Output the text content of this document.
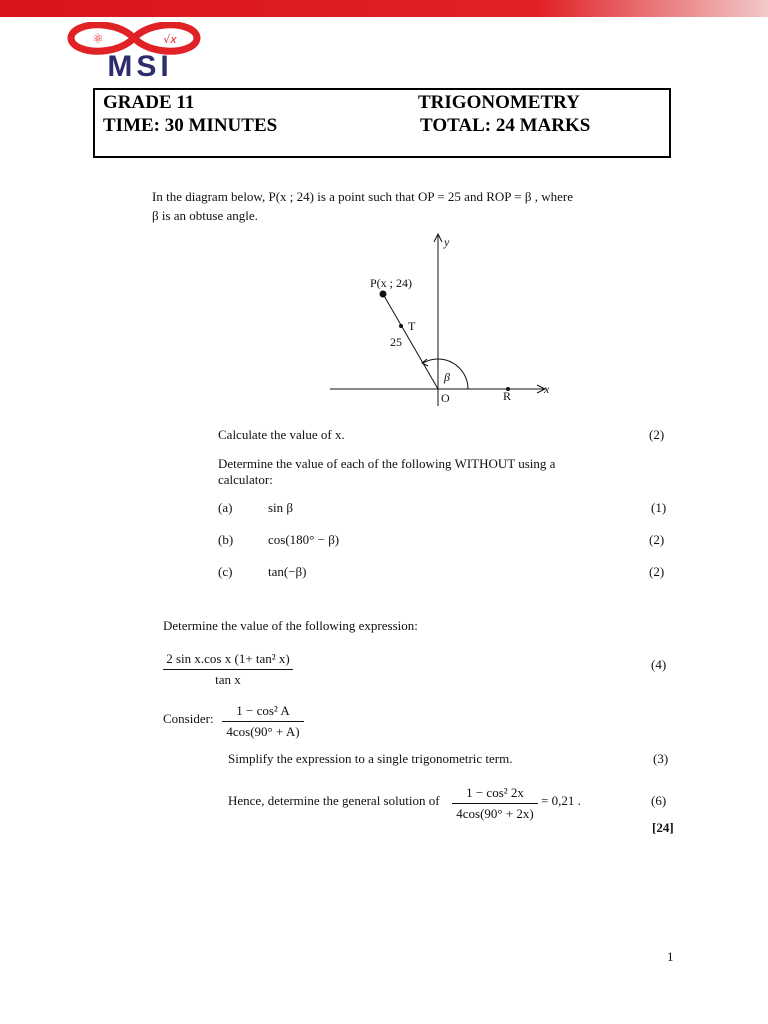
⚛	√x
MSI
GRADE 11	TRIGONOMETRY
TIME: 30 MINUTES	TOTAL: 24 MARKS
In the diagram below, P(x ; 24) is a point such that OP = 25 and ROP = β , where
β is an obtuse angle.
y
x
P(x ; 24)
T
25
β
O	R
Calculate the value of x.	(2)
Determine the value of each of the following WITHOUT using a
calculator:
(a)	sin β	(1)
(b)	cos(180° − β)	(2)
(c)	tan(−β)	(2)
Determine the value of the following expression:
$\frac{\text{2 sin x.cos x (1+ tan² x)}}{\text{tan x}}$	(4)
Consider: $\frac{\text{1 − cos² A}}{4\cos(90^\circ + A)}$
Simplify the expression to a single trigonometric term.	(3)
Hence, determine the general solution of $\frac{\text{1 − cos² 2x}}{4\cos(90^\circ + 2x)} = 0,21$ .	(6)
[24]
1
